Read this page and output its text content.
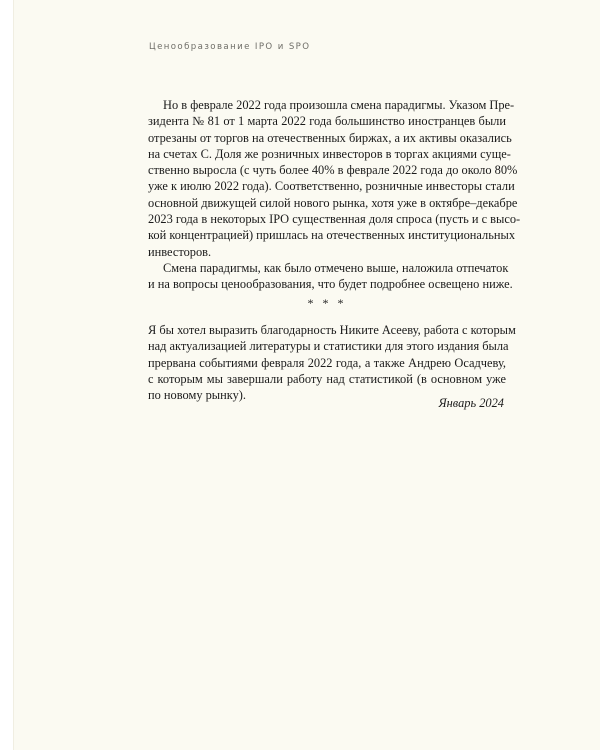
Ценообразование IPO и SPO
Но в феврале 2022 года произошла смена парадигмы. Указом Пре-
зидента № 81 от 1 марта 2022 года большинство иностранцев были
отрезаны от торгов на отечественных биржах, а их активы оказались
на счетах С. Доля же розничных инвесторов в торгах акциями суще-
ственно выросла (с чуть более 40% в феврале 2022 года до около 80%
уже к июлю 2022 года). Соответственно, розничные инвесторы стали
основной движущей силой нового рынка, хотя уже в октябре–декабре
2023 года в некоторых IPO существенная доля спроса (пусть и с высо-
кой концентрацией) пришлась на отечественных институциональных
инвесторов.
Смена парадигмы, как было отмечено выше, наложила отпечаток
и на вопросы ценообразования, что будет подробнее освещено ниже.
* * *
Я бы хотел выразить благодарность Никите Асееву, работа с которым
над актуализацией литературы и статистики для этого издания была
прервана событиями февраля 2022 года, а также Андрею Осадчеву,
с которым мы завершали работу над статистикой (в основном уже
по новому рынку).
Январь 2024
